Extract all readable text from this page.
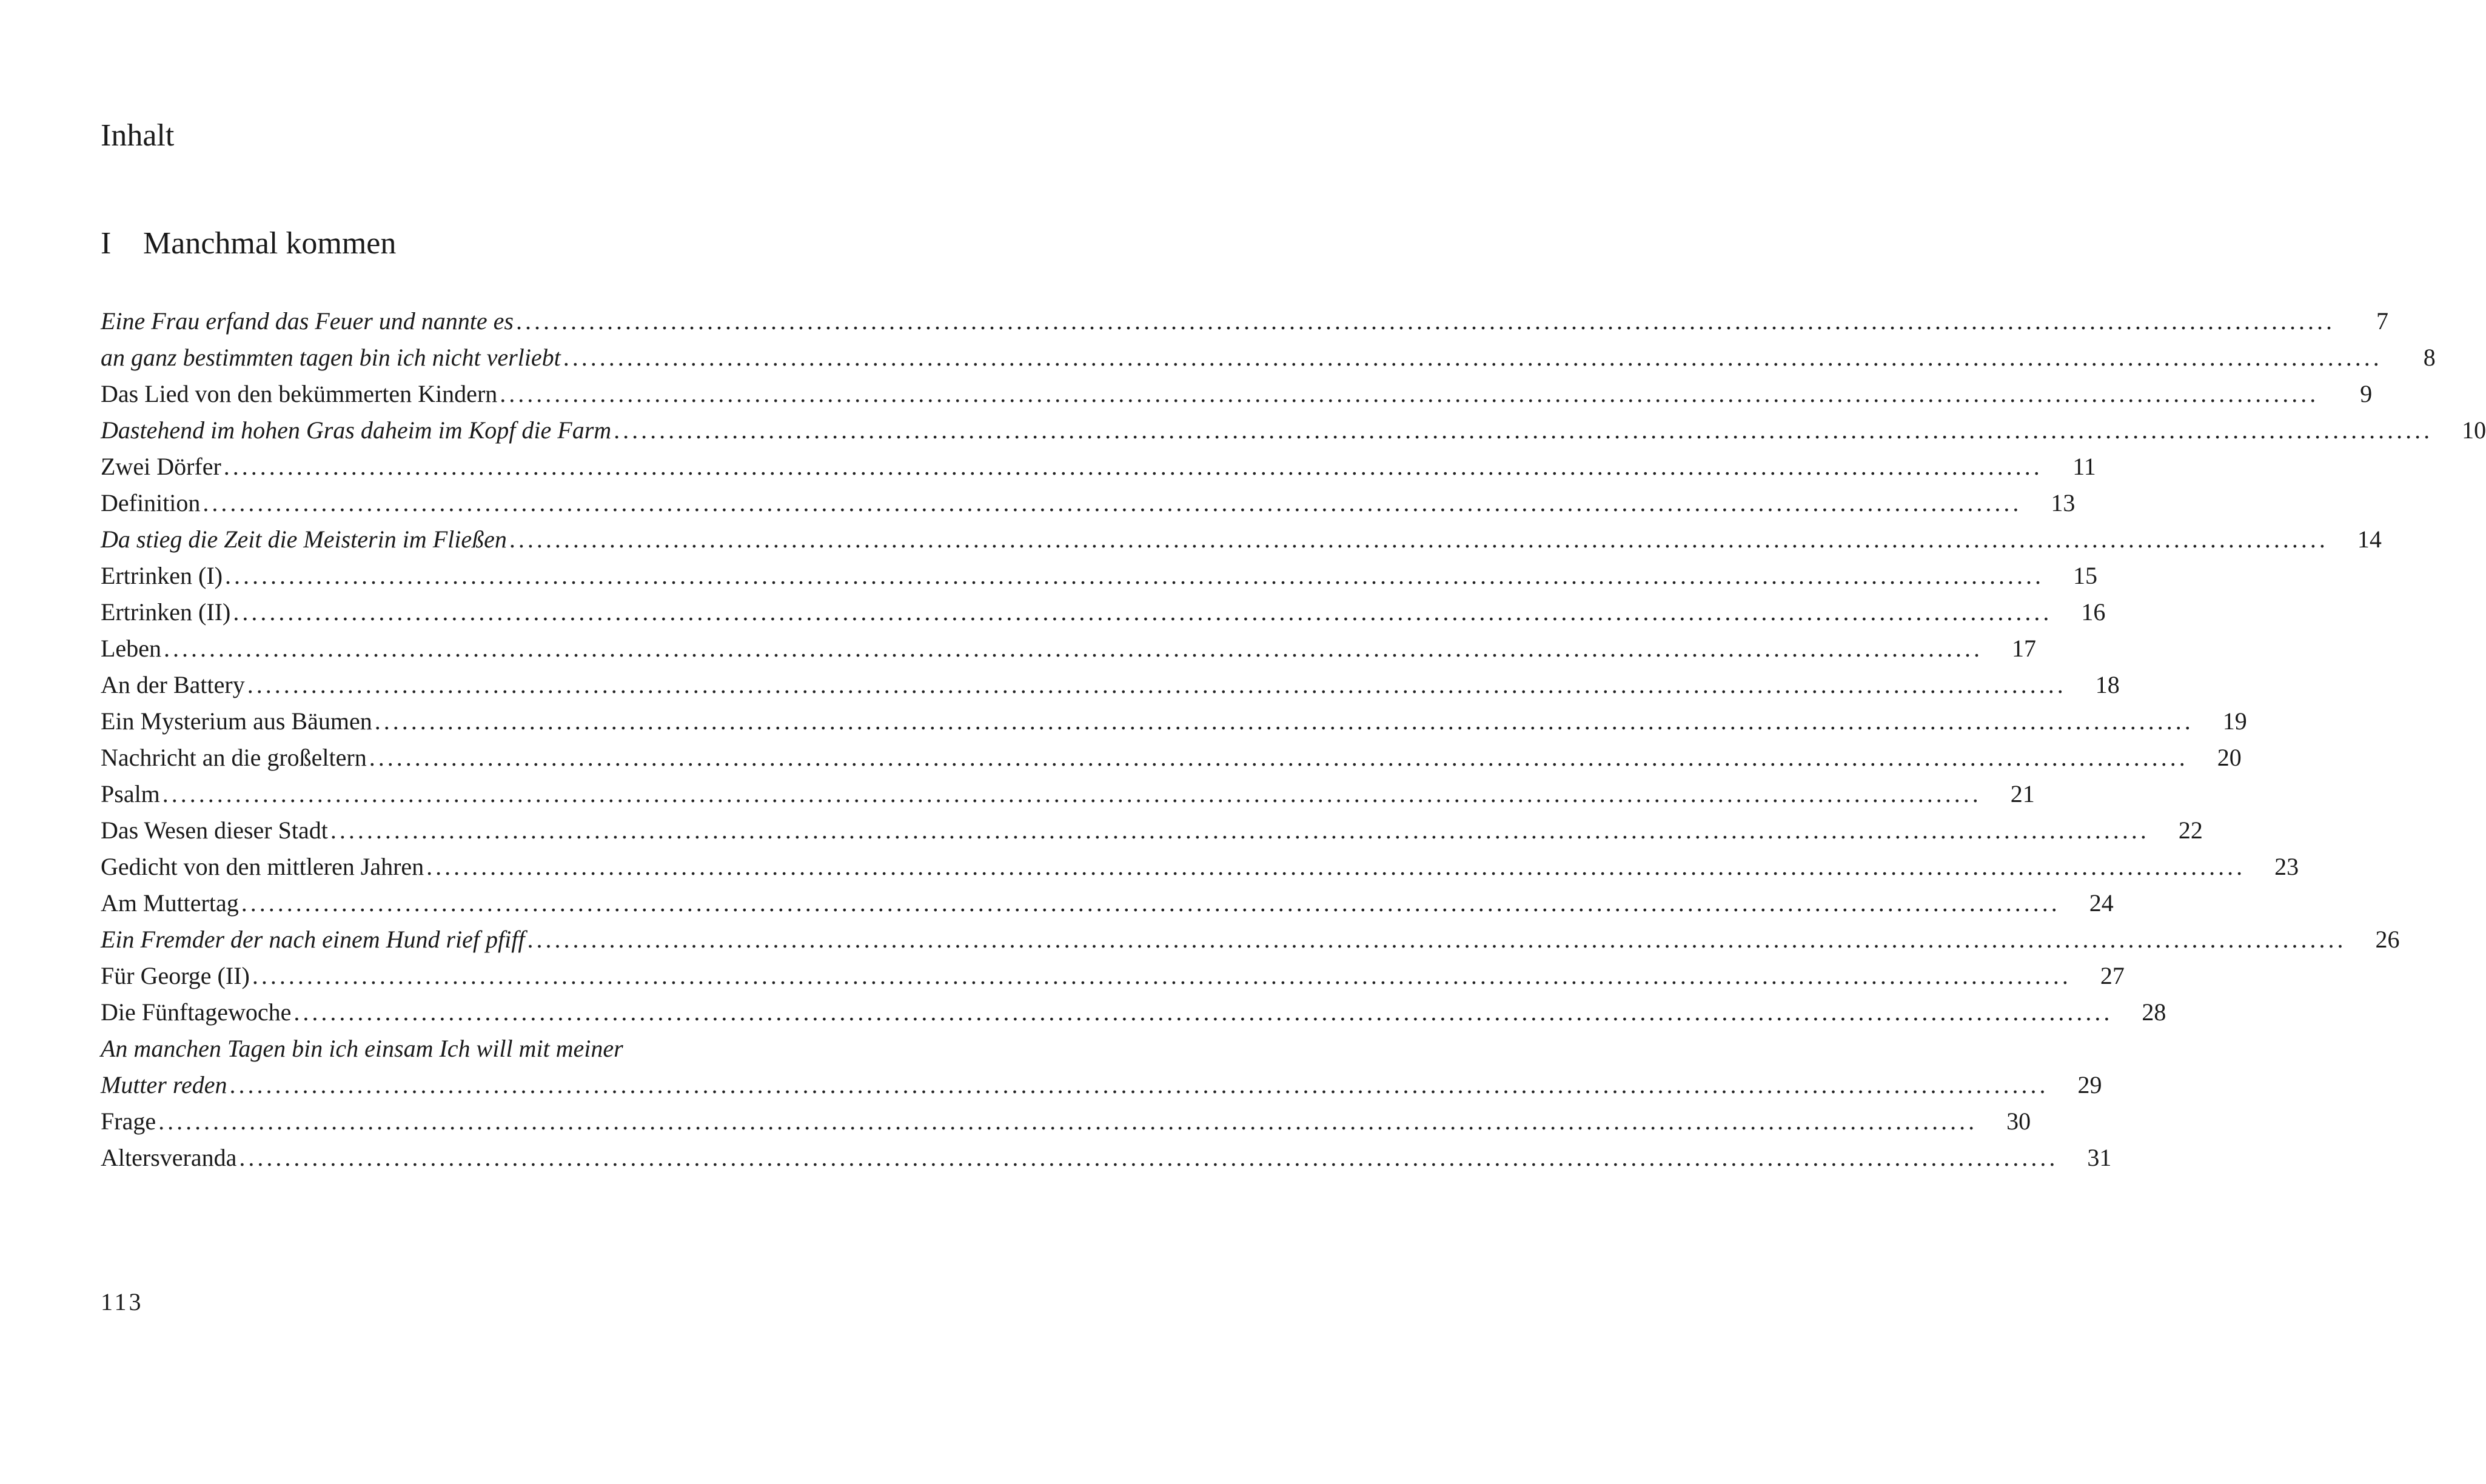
Inhalt
I Manchmal kommen
Eine Frau erfand das Feuer und nannte es ........................................................................................................................................................................................................	7
an ganz bestimmten tagen bin ich nicht verliebt ........................................................................................................................................................................................................	8
Das Lied von den bekümmerten Kindern ........................................................................................................................................................................................................	9
Dastehend im hohen Gras daheim im Kopf die Farm ........................................................................................................................................................................................................	10
Zwei Dörfer ........................................................................................................................................................................................................	11
Definition ........................................................................................................................................................................................................	13
Da stieg die Zeit die Meisterin im Fließen ........................................................................................................................................................................................................	14
Ertrinken (I) ........................................................................................................................................................................................................	15
Ertrinken (II) ........................................................................................................................................................................................................	16
Leben ........................................................................................................................................................................................................	17
An der Battery ........................................................................................................................................................................................................	18
Ein Mysterium aus Bäumen ........................................................................................................................................................................................................	19
Nachricht an die großeltern ........................................................................................................................................................................................................	20
Psalm ........................................................................................................................................................................................................	21
Das Wesen dieser Stadt ........................................................................................................................................................................................................	22
Gedicht von den mittleren Jahren ........................................................................................................................................................................................................	23
Am Muttertag ........................................................................................................................................................................................................	24
Ein Fremder der nach einem Hund rief pfiff ........................................................................................................................................................................................................	26
Für George (II) ........................................................................................................................................................................................................	27
Die Fünftagewoche ........................................................................................................................................................................................................	28
An manchen Tagen bin ich einsam Ich will mit meiner
Mutter reden ........................................................................................................................................................................................................	29
Frage ........................................................................................................................................................................................................	30
Altersveranda ........................................................................................................................................................................................................	31
113
